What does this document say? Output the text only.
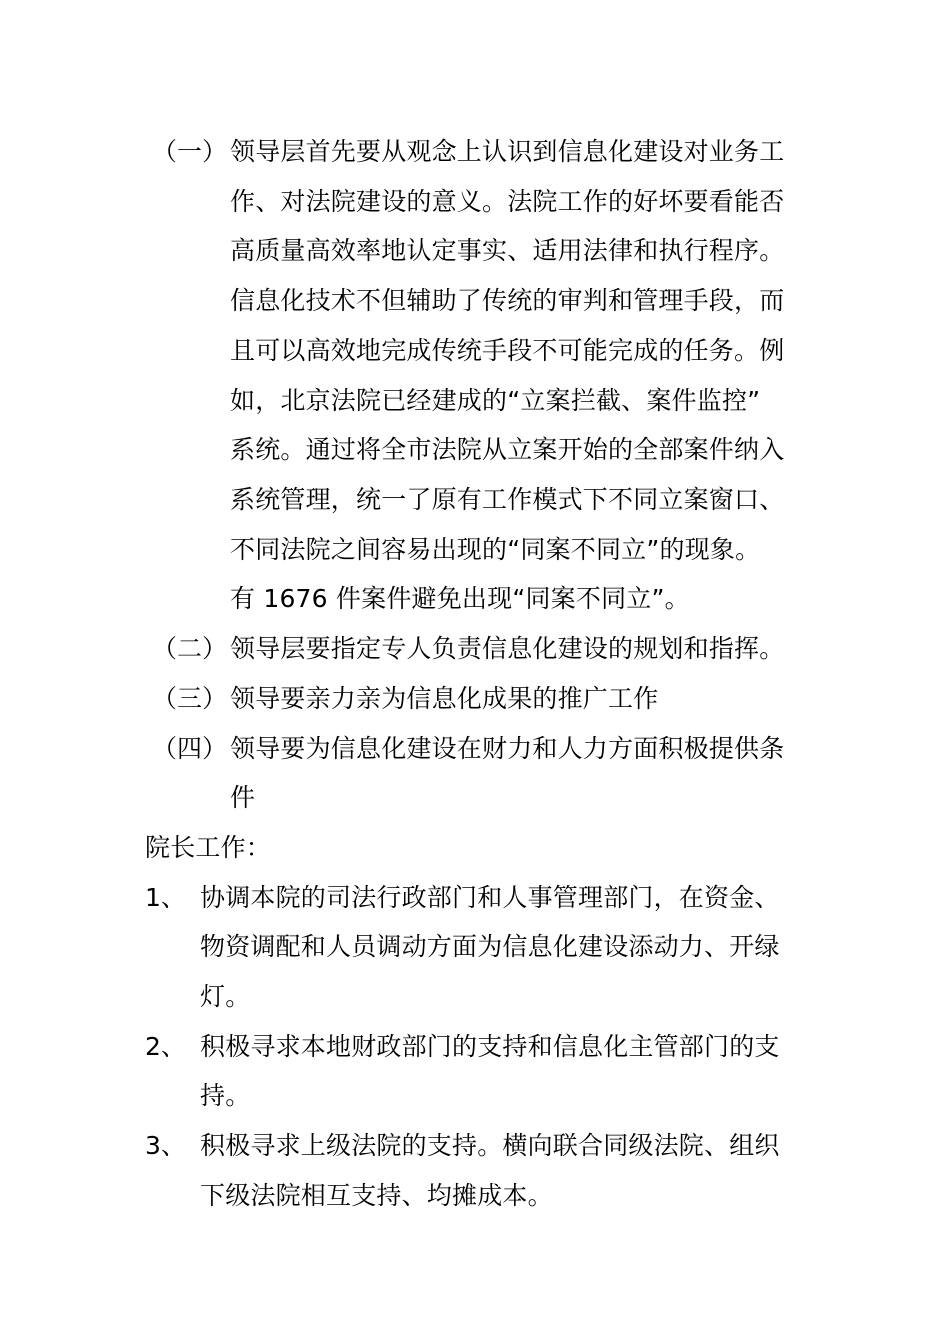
（一） 领导层首先要从观念上认识到信息化建设对业务工
作、对法院建设的意义。法院工作的好坏要看能否
高质量高效率地认定事实、适用法律和执行程序。
信息化技术不但辅助了传统的审判和管理手段，而
且可以高效地完成传统手段不可能完成的任务。例
如，北京法院已经建成的“立案拦截、案件监控”
系统。通过将全市法院从立案开始的全部案件纳入
系统管理，统一了原有工作模式下不同立案窗口、
不同法院之间容易出现的“同案不同立”的现象。
有 1676 件案件避免出现“同案不同立”。
（二） 领导层要指定专人负责信息化建设的规划和指挥。
（三） 领导要亲力亲为信息化成果的推广工作
（四） 领导要为信息化建设在财力和人力方面积极提供条
件
院长工作：
1、 协调本院的司法行政部门和人事管理部门，在资金、
物资调配和人员调动方面为信息化建设添动力、开绿
灯。
2、 积极寻求本地财政部门的支持和信息化主管部门的支
持。
3、 积极寻求上级法院的支持。横向联合同级法院、组织
下级法院相互支持、均摊成本。
